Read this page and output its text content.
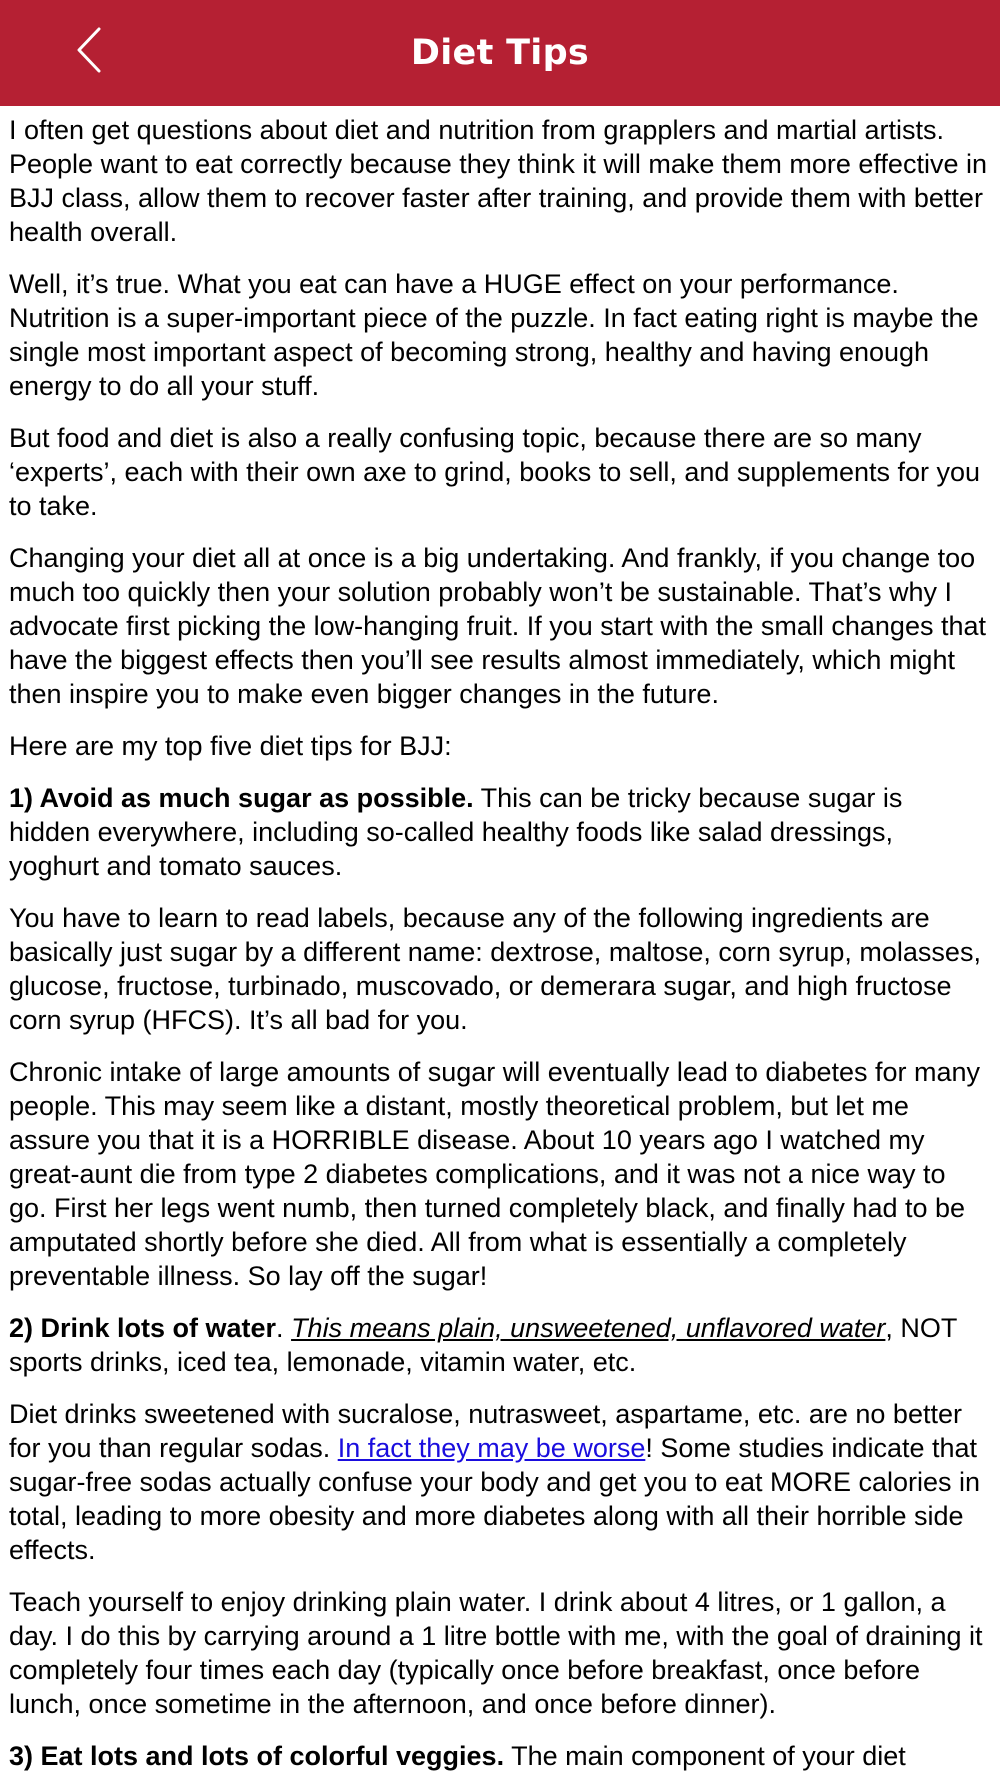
Diet Tips

I often get questions about diet and nutrition from grapplers and martial artists. People want to eat correctly because they think it will make them more effective in BJJ class, allow them to recover faster after training, and provide them with better health overall.

Well, it’s true. What you eat can have a HUGE effect on your performance. Nutrition is a super-important piece of the puzzle. In fact eating right is maybe the single most important aspect of becoming strong, healthy and having enough energy to do all your stuff.

But food and diet is also a really confusing topic, because there are so many ‘experts’, each with their own axe to grind, books to sell, and supplements for you to take.

Changing your diet all at once is a big undertaking. And frankly, if you change too much too quickly then your solution probably won’t be sustainable. That’s why I advocate first picking the low-hanging fruit. If you start with the small changes that have the biggest effects then you’ll see results almost immediately, which might then inspire you to make even bigger changes in the future.

Here are my top five diet tips for BJJ:

1) Avoid as much sugar as possible. This can be tricky because sugar is hidden everywhere, including so-called healthy foods like salad dressings, yoghurt and tomato sauces.

You have to learn to read labels, because any of the following ingredients are basically just sugar by a different name: dextrose, maltose, corn syrup, molasses, glucose, fructose, turbinado, muscovado, or demerara sugar, and high fructose corn syrup (HFCS). It’s all bad for you.

Chronic intake of large amounts of sugar will eventually lead to diabetes for many people. This may seem like a distant, mostly theoretical problem, but let me assure you that it is a HORRIBLE disease. About 10 years ago I watched my great-aunt die from type 2 diabetes complications, and it was not a nice way to go. First her legs went numb, then turned completely black, and finally had to be amputated shortly before she died. All from what is essentially a completely preventable illness. So lay off the sugar!

2) Drink lots of water. This means plain, unsweetened, unflavored water, NOT sports drinks, iced tea, lemonade, vitamin water, etc.

Diet drinks sweetened with sucralose, nutrasweet, aspartame, etc. are no better for you than regular sodas. In fact they may be worse! Some studies indicate that sugar-free sodas actually confuse your body and get you to eat MORE calories in total, leading to more obesity and more diabetes along with all their horrible side effects.

Teach yourself to enjoy drinking plain water. I drink about 4 litres, or 1 gallon, a day. I do this by carrying around a 1 litre bottle with me, with the goal of draining it completely four times each day (typically once before breakfast, once before lunch, once sometime in the afternoon, and once before dinner).

3) Eat lots and lots of colorful veggies. The main component of your diet
